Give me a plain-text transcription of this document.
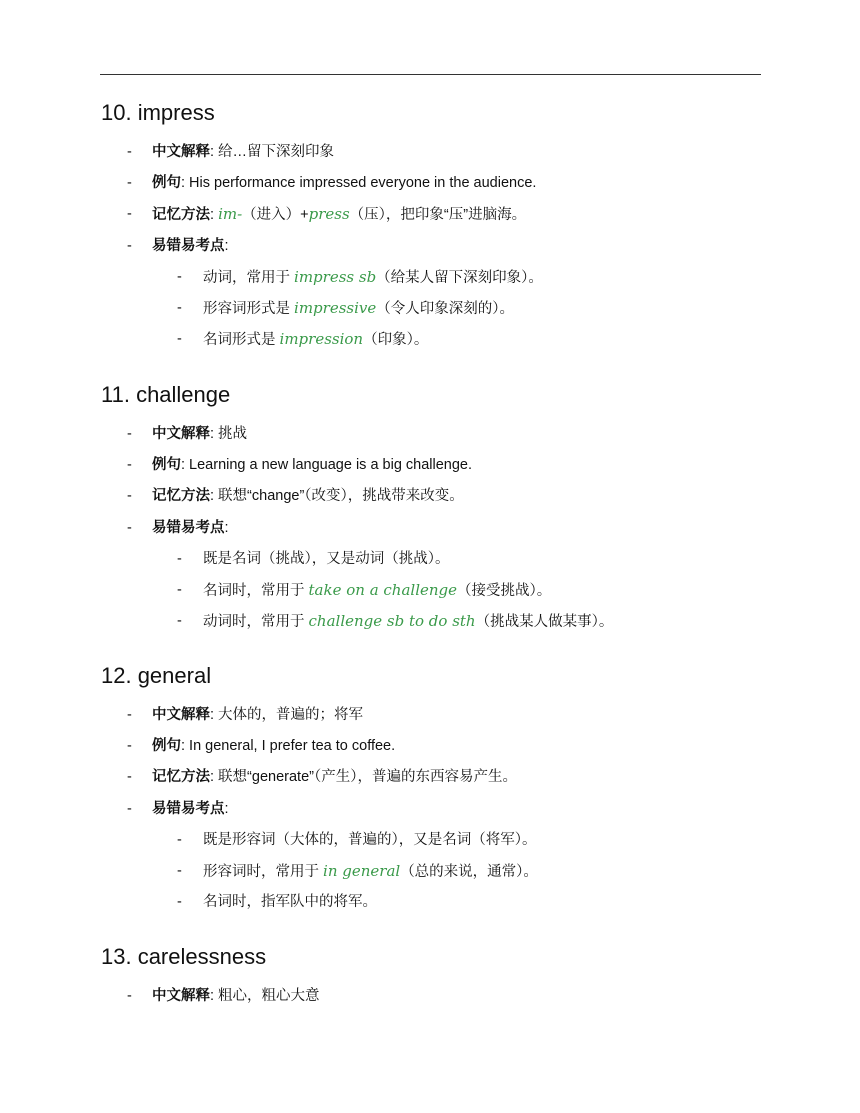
10. impress
- 中文解释: 给…留下深刻印象
- 例句: His performance impressed everyone in the audience.
- 记忆方法: im-（进入）+press（压），把印象“压”进脑海。
- 易错易考点:
- 动词，常用于 impress sb（给某人留下深刻印象）。
- 形容词形式是 impressive（令人印象深刻的）。
- 名词形式是 impression（印象）。
11. challenge
- 中文解释: 挑战
- 例句: Learning a new language is a big challenge.
- 记忆方法: 联想“change”（改变），挑战带来改变。
- 易错易考点:
- 既是名词（挑战），又是动词（挑战）。
- 名词时，常用于 take on a challenge（接受挑战）。
- 动词时，常用于 challenge sb to do sth（挑战某人做某事）。
12. general
- 中文解释: 大体的，普遍的；将军
- 例句: In general, I prefer tea to coffee.
- 记忆方法: 联想“generate”（产生），普遍的东西容易产生。
- 易错易考点:
- 既是形容词（大体的，普遍的），又是名词（将军）。
- 形容词时，常用于 in general（总的来说，通常）。
- 名词时，指军队中的将军。
13. carelessness
- 中文解释: 粗心，粗心大意
